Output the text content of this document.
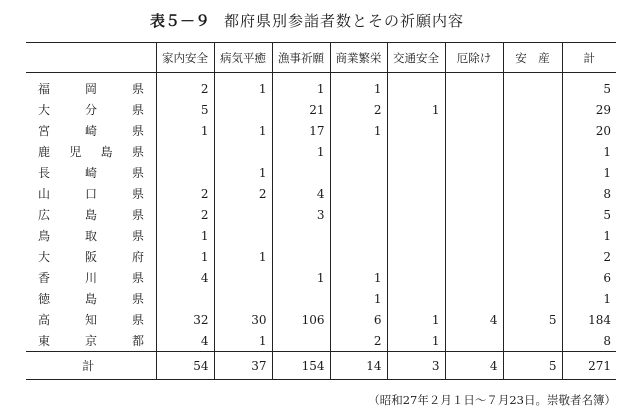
表５－９ 都府県別参詣者数とその祈願内容
	家内安全	病気平癒	漁事祈願	商業繁栄	交通安全	厄除け	安　産	計

福 岡 県	2	1	1	1				5

大 分 県	5		21	2	1			29

宮 崎 県	1	1	17	1				20

鹿 児 島 県			1					1

長 崎 県		1						1

山 口 県	2	2	4					8

広 島 県	2		3					5

鳥 取 県	1							1

大 阪 府	1	1						2

香 川 県	4		1	1				6

徳 島 県				1				1

高 知 県	32	30	106	6	1	4	5	184

東 京 都	4	1		2	1			8
計	54	37	154	14	3	4	5	271
（昭和27年２月１日～７月23日。崇敬者名簿）
